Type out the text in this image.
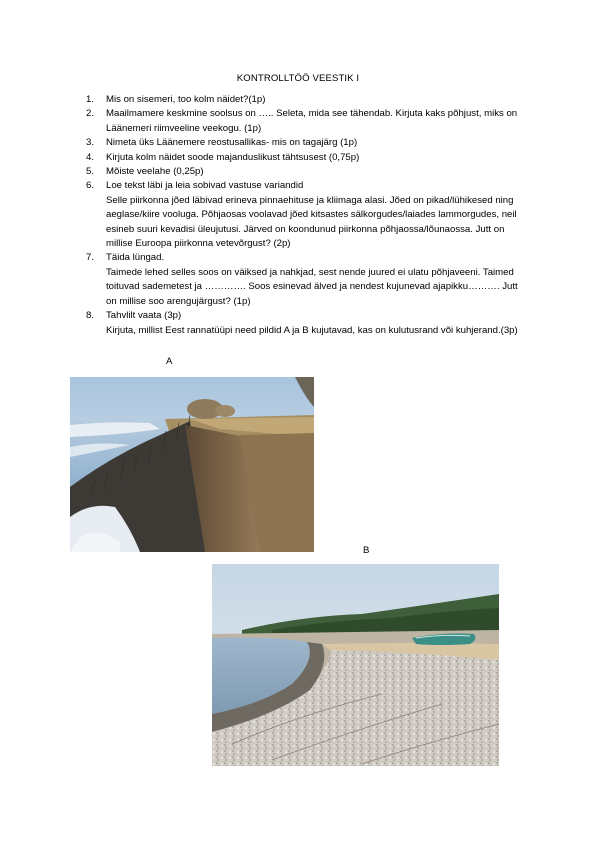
KONTROLLTÖÖ VEESTIK I
1. Mis on sisemeri, too kolm näidet?(1p)
2. Maailmamere keskmine soolsus on ….. Seleta, mida see tähendab. Kirjuta kaks põhjust, miks on Läänemeri riimveeline veekogu. (1p)
3. Nimeta üks Läänemere reostusallikas- mis on tagajärg (1p)
4. Kirjuta kolm näidet soode majanduslikust tähtsusest (0,75p)
5. Mõiste veelahe (0,25p)
6. Loe tekst läbi ja leia sobivad vastuse variandid
Selle piirkonna jõed läbivad erineva pinnaehituse ja kliimaga alasi. Jõed on pikad/lühikesed ning aeglase/kiire vooluga. Põhjaosas voolavad jõed kitsastes sälkorgudes/laiades lammorgudes, neil esineb suuri kevadisi üleujutusi. Järved on koondunud piirkonna põhjaossa/lõunaossa. Jutt on millise Euroopa piirkonna vetevõrgust? (2p)
7. Täida lüngad.
Taimede lehed selles soos on väiksed ja nahkjad, sest nende juured ei ulatu põhjaveeni. Taimed toituvad sademetest ja …………. Soos esinevad älved ja nendest kujunevad ajapikku………. Jutt on millise soo arengujärgust? (1p)
8. Tahvlilt vaata (3p)
Kirjuta, millist Eest rannatüüpi need pildid A ja B kujutavad, kas on kulutusrand või kuhjerand.(3p)
A
B
